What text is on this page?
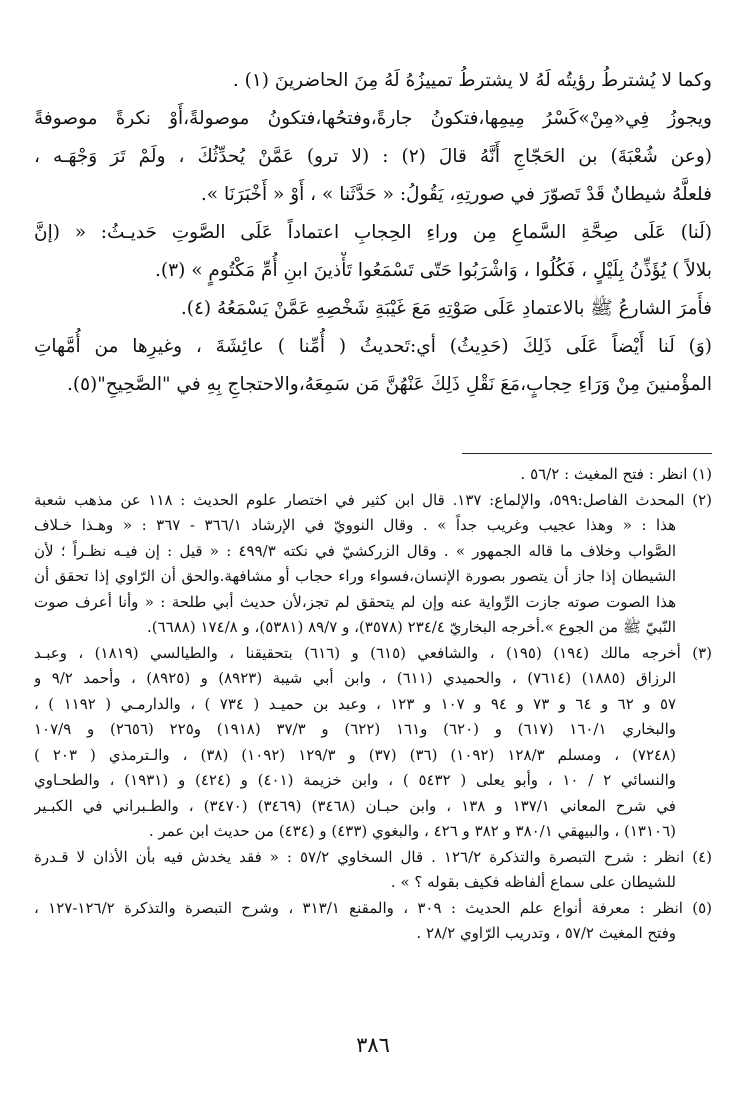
وكما لا يُشترطُ رؤيتُه لَهُ لا يشترطُ تمييزُهُ لَهُ مِنَ الحاضرينَ (١) .
ويجوزُ فِي«مِنْ»كَسْرُ مِيمِها،فتكونُ جارةً،وفتحُها،فتكونُ موصولةً،أَوْ نكرةً موصوفةً
(وعن شُعْبَةَ) بن الحَجّاجِ أَنَّهُ قالَ (٢) : (لا ترو) عَمَّنْ يُحدِّثُكَ ، ولَمْ تَرَ وَجْهَـه ،
فلعلَّهُ شيطانٌ قَدْ تَصوّرَ في صورتِهِ، يَقُولُ: « حَدَّثَنا » ، أَوْ « أَخْبَرَنَا ».
(لَنا) عَلَى صِحَّةِ السَّماعِ مِن وراءِ الحِجابِ اعتماداً عَلَى الصَّوتِ حَديـثُ: « (إنَّ
بلالاً ) يُؤَذِّنُ بِلَيْلٍ ، فَكُلُوا ، وَاشْرَبُوا حَتّى تَسْمَعُوا تَأْذينَ ابنِ أُمِّ مَكْتُومٍ » (٣).
فأَمرَ الشارعُ ﷺ بالاعتمادِ عَلَى صَوْتِهِ مَعَ غَيْبَةِ شَخْصِهِ عَمَّنْ يَسْمَعُهُ (٤).
(وَ) لَنا أَيْضاً عَلَى ذَلِكَ (حَدِيثُ) أي:تَحديثُ ( أُمِّنا ) عائِشَةَ ، وغيرِها من أُمَّهاتِ
المؤْمنينَ مِنْ وَرَاءِ حِجابٍ،مَعَ نَقْلِ ذَلِكَ عَنْهُنَّ مَن سَمِعَهُ،والاحتجاجِ بِهِ في "الصَّحِيحِ"(٥).
(١) انظر : فتح المغيث : ٥٦/٢ .
(٢) المحدث الفاصل:٥٩٩، والإلماع: ١٣٧. قال ابن كثير في اختصار علوم الحديث : ١١٨ عن مذهب شعبة
هذا : « وهذا عجيب وغريب جداً » . وقال النوويّ في الإرشاد ٣٦٦/١ - ٣٦٧ : « وهـذا خـلاف
الصَّواب وخلاف ما قاله الجمهور » . وقال الزركشيّ في نكته ٤٩٩/٣ : « قيل : إن فيـه نظـراً ؛ لأن
الشيطان إذا جاز أن يتصور بصورة الإنسان،فسواء وراء حجاب أو مشافهة.والحق أن الرّاوي إذا تحقق أن
هذا الصوت صوته جازت الرِّواية عنه وإن لم يتحقق لم تجز،لأن حديث أبي طلحة : « وأنا أعرف صوت
النّبيّ ﷺ من الجوع ».أخرجه البخاريّ ٢٣٤/٤ (٣٥٧٨)، و ٨٩/٧ (٥٣٨١)، و ١٧٤/٨ (٦٦٨٨).
(٣) أخرجه مالك (١٩٤) (١٩٥) ، والشافعي (٦١٥) و (٦١٦) بتحقيقنا ، والطيالسي (١٨١٩) ، وعبـد
الرزاق (١٨٨٥) (٧٦١٤) ، والحميدي (٦١١) ، وابن أبي شيبة (٨٩٢٣) و (٨٩٢٥) ، وأحمد ٩/٢ و
٥٧ و ٦٢ و ٦٤ و ٧٣ و ٩٤ و ١٠٧ و ١٢٣ ، وعبد بن حميـد ( ٧٣٤ ) ، والدارمـي ( ١١٩٢ ) ،
والبخاري ١٦٠/١ (٦١٧) و (٦٢٠) و١٦١ (٦٢٢) و ٣٧/٣ (١٩١٨) و٢٢٥ (٢٦٥٦) و ١٠٧/٩
(٧٢٤٨) ، ومسلم ١٢٨/٣ (١٠٩٢) (٣٦) (٣٧) و ١٢٩/٣ (١٠٩٢) (٣٨) ، والـترمذي ( ٢٠٣ )
والنسائي ٢ / ١٠ ، وأبو يعلى ( ٥٤٣٢ ) ، وابن خزيمة (٤٠١) و (٤٢٤) و (١٩٣١) ، والطحـاوي
في شرح المعاني ١٣٧/١ و ١٣٨ ، وابن حبـان (٣٤٦٨) (٣٤٦٩) (٣٤٧٠) ، والطـبراني في الكبـير
(١٣١٠٦) ، والبيهقي ٣٨٠/١ و ٣٨٢ و ٤٢٦ ، والبغوي (٤٣٣) و (٤٣٤) من حديث ابن عمر .
(٤) انظر : شرح التبصرة والتذكرة ١٢٦/٢ . قال السخاوي ٥٧/٢ : « فقد يخدش فيه بأن الأذان لا قـدرة
للشيطان على سماع ألفاظه فكيف بقوله ؟ » .
(٥) انظر : معرفة أنواع علم الحديث : ٣٠٩ ، والمقنع ٣١٣/١ ، وشرح التبصرة والتذكرة ١٢٦/٢-١٢٧ ،
وفتح المغيث ٥٧/٢ ، وتدريب الرّاوي ٢٨/٢ .
٣٨٦
